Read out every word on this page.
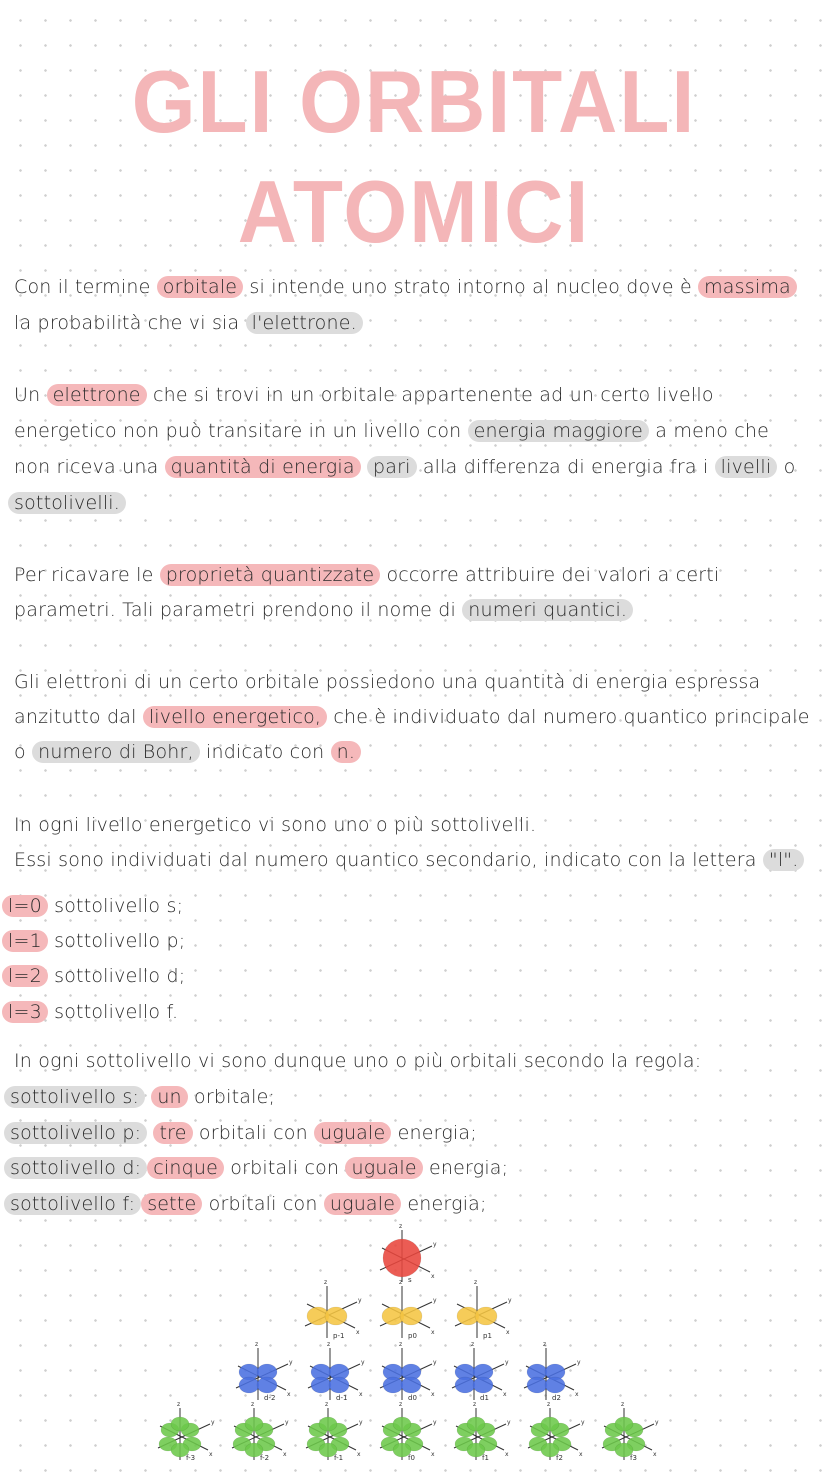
GLI ORBITALI
ATOMICI
Con il termine orbitale si intende uno strato intorno al nucleo dove è massima
la probabilità che vi sia l'elettrone.
Un elettrone che si trovi in un orbitale appartenente ad un certo livello
energetico non può transitare in un livello con energia maggiore a meno che
non riceva una quantità di energia pari alla differenza di energia fra i livelli o
sottolivelli.
Per ricavare le proprietà quantizzate occorre attribuire dei valori a certi
parametri. Tali parametri prendono il nome di numeri quantici.
Gli elettroni di un certo orbitale possiedono una quantità di energia espressa
anzitutto dal livello energetico, che è individuato dal numero quantico principale
o numero di Bohr, indicato con n.
In ogni livello energetico vi sono uno o più sottolivelli.
Essi sono individuati dal numero quantico secondario, indicato con la lettera "l".
l=0 sottolivello s;
l=1 sottolivello p;
l=2 sottolivello d;
l=3 sottolivello f.
In ogni sottolivello vi sono dunque uno o più orbitali secondo la regola:
sottolivello s: un orbitale;
sottolivello p: tre orbitali con uguale energia;
sottolivello d: cinque orbitali con uguale energia;
sottolivello f: sette orbitali con uguale energia;
z
y
x
s
z
y
x
p-1
z
y
x
p0
z
y
x
p1
z
y
x
d-2
z
y
x
d-1
z
y
x
d0
z
y
x
d1
z
y
x
d2
z
y
x
f-3
z
y
x
f-2
z
y
x
f-1
z
y
x
f0
z
y
x
f1
z
y
x
f2
z
y
x
f3
